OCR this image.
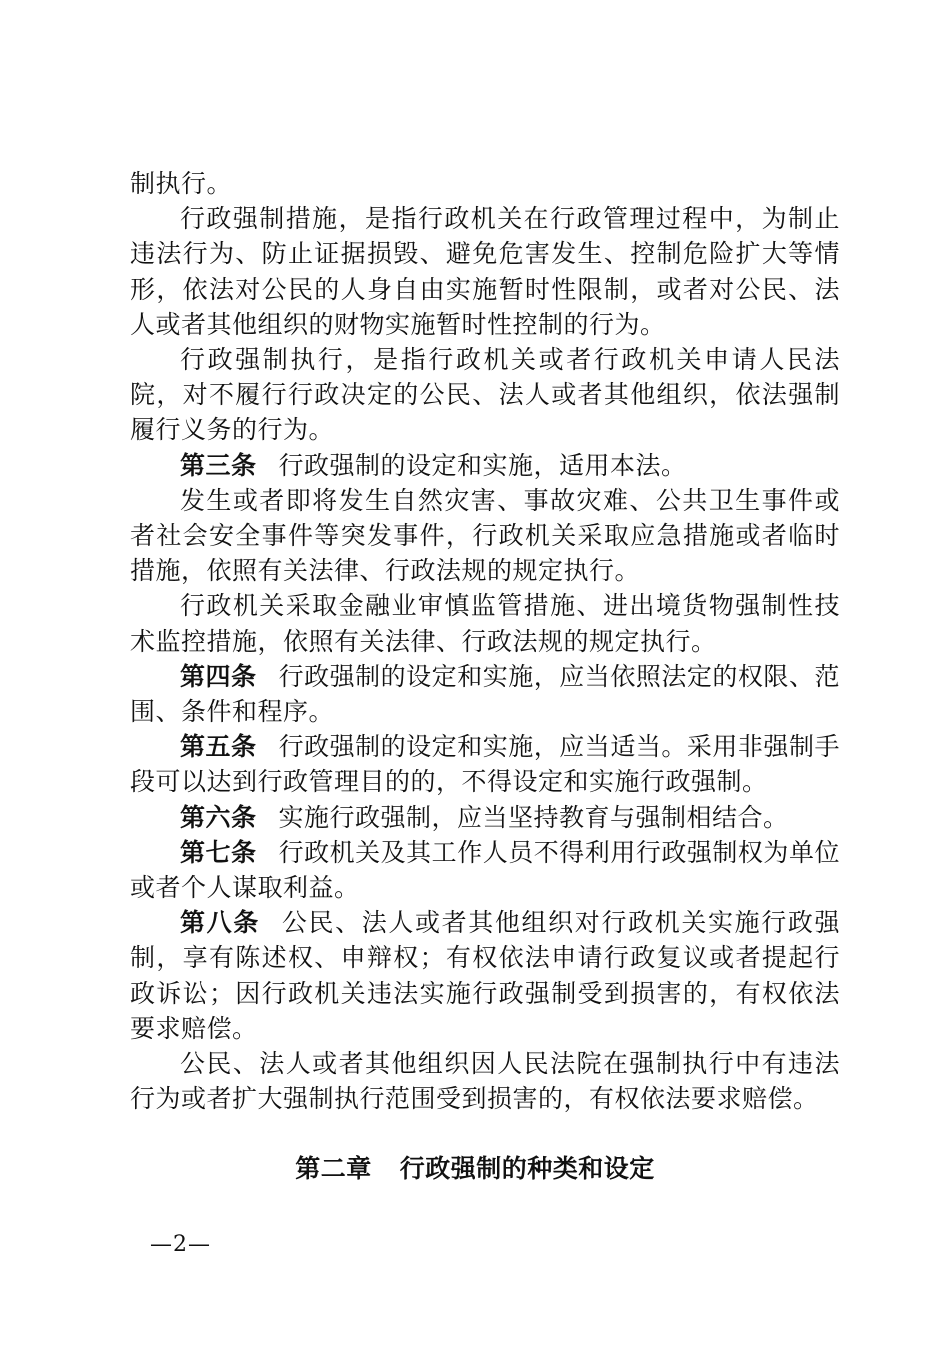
制执行。

行政强制措施，是指行政机关在行政管理过程中，为制止违法行为、防止证据损毁、避免危害发生、控制危险扩大等情形，依法对公民的人身自由实施暂时性限制，或者对公民、法人或者其他组织的财物实施暂时性控制的行为。

行政强制执行，是指行政机关或者行政机关申请人民法院，对不履行行政决定的公民、法人或者其他组织，依法强制履行义务的行为。

第三条 行政强制的设定和实施，适用本法。

发生或者即将发生自然灾害、事故灾难、公共卫生事件或者社会安全事件等突发事件，行政机关采取应急措施或者临时措施，依照有关法律、行政法规的规定执行。

行政机关采取金融业审慎监管措施、进出境货物强制性技术监控措施，依照有关法律、行政法规的规定执行。

第四条 行政强制的设定和实施，应当依照法定的权限、范围、条件和程序。

第五条 行政强制的设定和实施，应当适当。采用非强制手段可以达到行政管理目的的，不得设定和实施行政强制。

第六条 实施行政强制，应当坚持教育与强制相结合。

第七条 行政机关及其工作人员不得利用行政强制权为单位或者个人谋取利益。

第八条 公民、法人或者其他组织对行政机关实施行政强制，享有陈述权、申辩权；有权依法申请行政复议或者提起行政诉讼；因行政机关违法实施行政强制受到损害的，有权依法要求赔偿。

公民、法人或者其他组织因人民法院在强制执行中有违法行为或者扩大强制执行范围受到损害的，有权依法要求赔偿。

第二章 行政强制的种类和设定
—2—
